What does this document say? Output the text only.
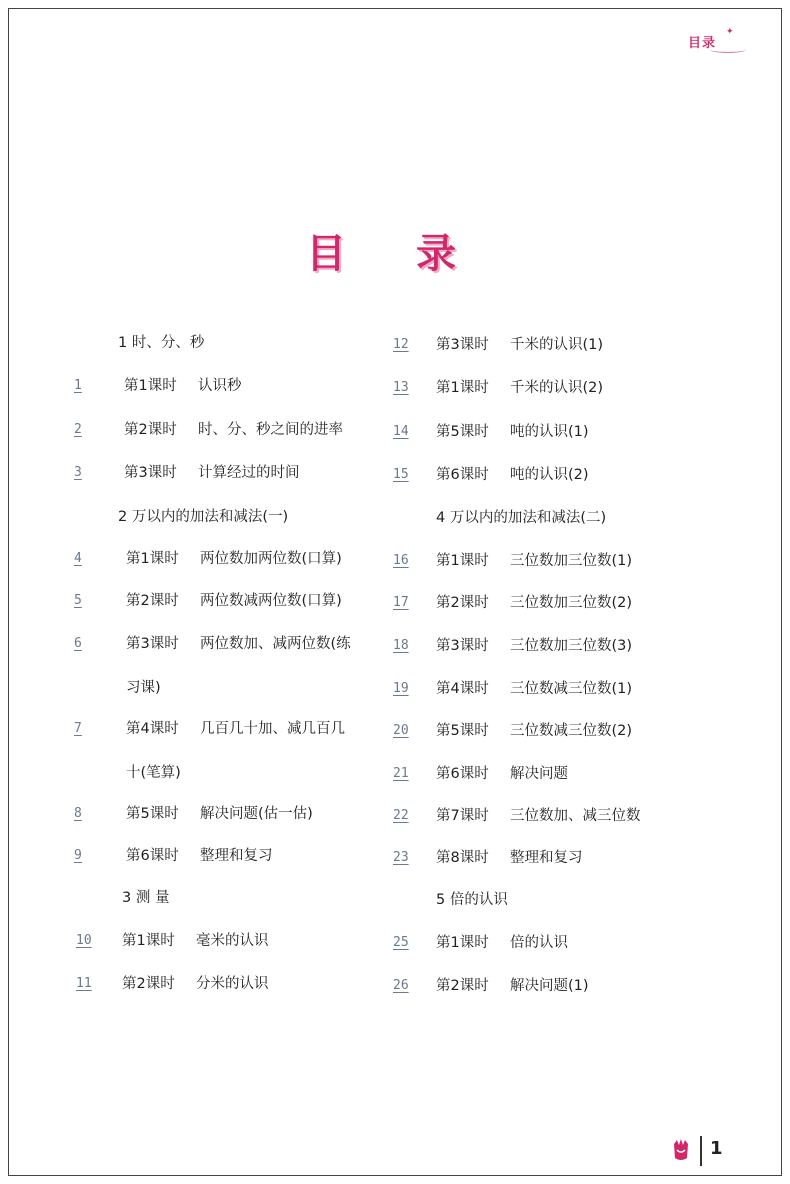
目录
✦
目 录
1 时、分、秒
1	第1课时 认识秒
2	第2课时 时、分、秒之间的进率
3	第3课时 计算经过的时间
2 万以内的加法和减法(一)
4	第1课时 两位数加两位数(口算)
5	第2课时 两位数减两位数(口算)
6	第3课时 两位数加、减两位数(练
习课)
7	第4课时 几百几十加、减几百几
十(笔算)
8	第5课时 解决问题(估一估)
9	第6课时 整理和复习
3 测 量
10 第1课时 毫米的认识
11 第2课时 分米的认识
12 第3课时 千米的认识(1)
13 第1课时 千米的认识(2)
14 第5课时 吨的认识(1)
15 第6课时 吨的认识(2)
4 万以内的加法和减法(二)
16 第1课时 三位数加三位数(1)
17 第2课时 三位数加三位数(2)
18 第3课时 三位数加三位数(3)
19 第4课时 三位数减三位数(1)
20 第5课时 三位数减三位数(2)
21 第6课时 解决问题
22 第7课时 三位数加、减三位数
23 第8课时 整理和复习
5 倍的认识
25 第1课时 倍的认识
26 第2课时 解决问题(1)
1
